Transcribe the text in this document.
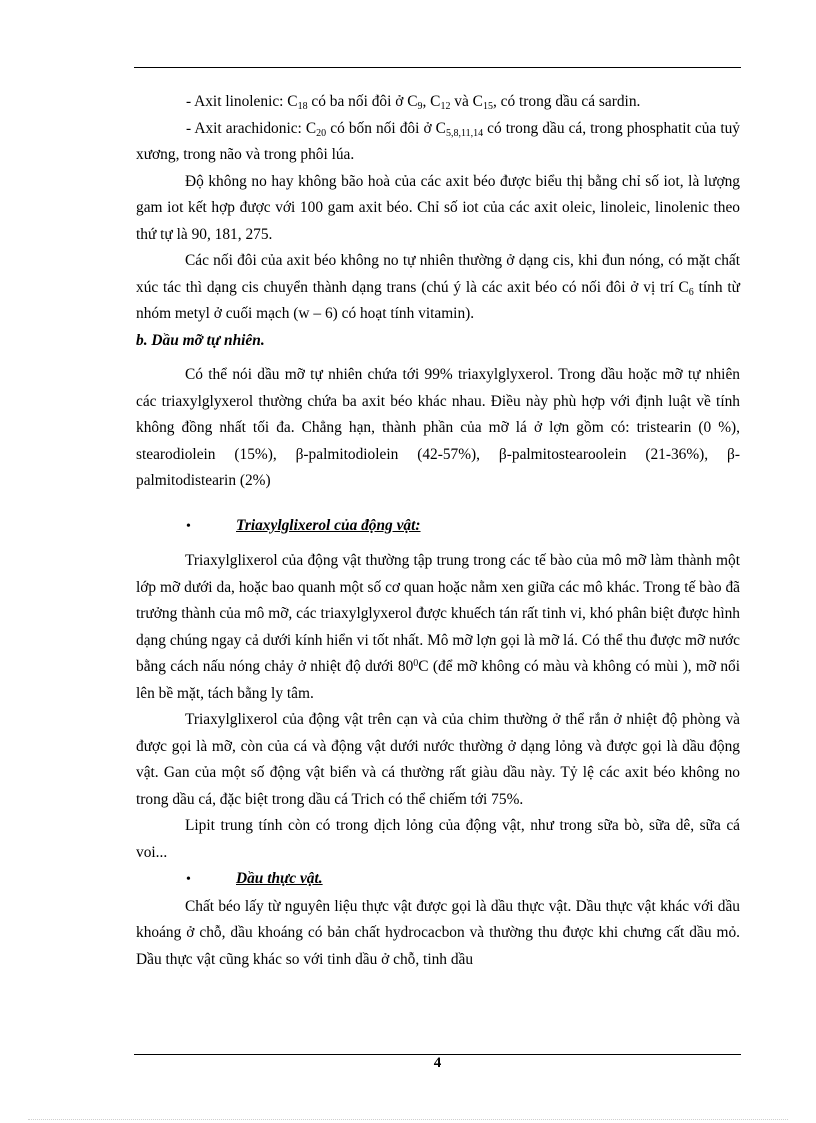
- Axit linolenic: $C_{18}$ có ba nối đôi ở $C_9$, $C_{12}$ và $C_{15}$, có trong dầu cá sardin.

- Axit arachidonic: $C_{20}$ có bốn nối đôi ở $C_{5,8,11,14}$ có trong dầu cá, trong phosphatit của tuỷ xương, trong não và trong phôi lúa.

Độ không no hay không bão hoà của các axit béo được biểu thị bằng chỉ số iot, là lượng gam iot kết hợp được với 100 gam axit béo. Chỉ số iot của các axit oleic, linoleic, linolenic theo thứ tự là 90, 181, 275.

Các nối đôi của axit béo không no tự nhiên thường ở dạng cis, khi đun nóng, có mặt chất xúc tác thì dạng cis chuyển thành dạng trans (chú ý là các axit béo có nối đôi ở vị trí $C_6$ tính từ nhóm metyl ở cuối mạch (w – 6) có hoạt tính vitamin).

b. Dầu mỡ tự nhiên.

Có thể nói dầu mỡ tự nhiên chứa tới 99% triaxylglyxerol. Trong dầu hoặc mỡ tự nhiên các triaxylglyxerol thường chứa ba axit béo khác nhau. Điều này phù hợp với định luật về tính không đồng nhất tối đa. Chẳng hạn, thành phần của mỡ lá ở lợn gồm có: tristearin (0 %), stearodiolein (15%), β-palmitodiolein (42-57%), β-palmitostearoolein (21-36%), β-palmitodistearin (2%)

•	Triaxylglixerol của động vật:

Triaxylglixerol của động vật thường tập trung trong các tế bào của mô mỡ làm thành một lớp mỡ dưới da, hoặc bao quanh một số cơ quan hoặc nằm xen giữa các mô khác. Trong tế bào đã trưởng thành của mô mỡ, các triaxylglyxerol được khuếch tán rất tinh vi, khó phân biệt được hình dạng chúng ngay cả dưới kính hiển vi tốt nhất. Mô mỡ lợn gọi là mỡ lá. Có thể thu được mỡ nước bằng cách nấu nóng chảy ở nhiệt độ dưới $80^0C$ (để mỡ không có màu và không có mùi ), mỡ nổi lên bề mặt, tách bằng ly tâm.

Triaxylglixerol của động vật trên cạn và của chim thường ở thể rắn ở nhiệt độ phòng và được gọi là mỡ, còn của cá và động vật dưới nước thường ở dạng lỏng và được gọi là dầu động vật. Gan của một số động vật biển và cá thường rất giàu dầu này. Tỷ lệ các axit béo không no trong dầu cá, đặc biệt trong dầu cá Trich có thể chiếm tới 75%.

Lipit trung tính còn có trong dịch lỏng của động vật, như trong sữa bò, sữa dê, sữa cá voi...

•	Dầu thực vật.

Chất béo lấy từ nguyên liệu thực vật được gọi là dầu thực vật. Dầu thực vật khác với dầu khoáng ở chỗ, dầu khoáng có bản chất hydrocacbon và thường thu được khi chưng cất dầu mỏ. Dầu thực vật cũng khác so với tinh dầu ở chỗ, tinh dầu

4
